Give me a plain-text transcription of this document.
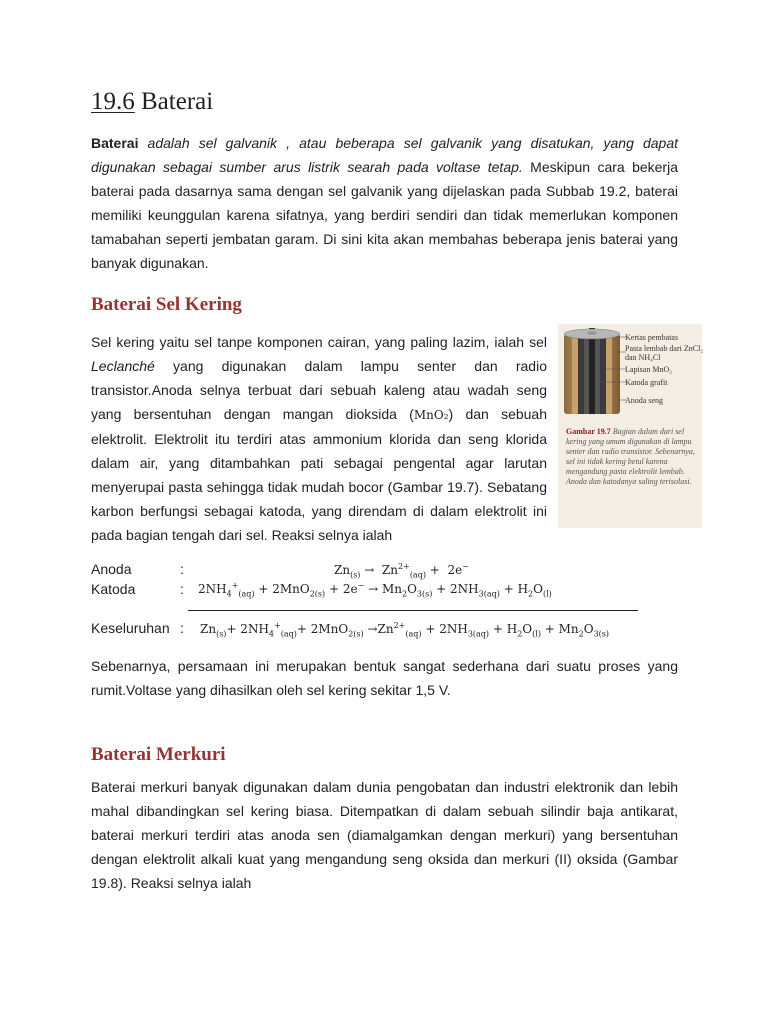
19.6 Baterai

Baterai adalah sel galvanik , atau beberapa sel galvanik yang disatukan, yang dapat digunakan sebagai sumber arus listrik searah pada voltase tetap. Meskipun cara bekerja baterai pada dasarnya sama dengan sel galvanik yang dijelaskan pada Subbab 19.2, baterai memiliki keunggulan karena sifatnya, yang berdiri sendiri dan tidak memerlukan komponen tamabahan seperti jembatan garam. Di sini kita akan membahas beberapa jenis baterai yang banyak digunakan.

Baterai Sel Kering

Sel kering yaitu sel tanpe komponen cairan, yang paling lazim, ialah sel Leclanché yang digunakan dalam lampu senter dan radio transistor.Anoda selnya terbuat dari sebuah kaleng atau wadah seng yang bersentuhan dengan mangan dioksida (MnO₂) dan sebuah elektrolit. Elektrolit itu terdiri atas ammonium klorida dan seng klorida dalam air, yang ditambahkan pati sebagai pengental agar larutan menyerupai pasta sehingga tidak mudah bocor (Gambar 19.7). Sebatang karbon berfungsi sebagai katoda, yang direndam di dalam elektrolit ini pada bagian tengah dari sel. Reaksi selnya ialah

Kertas pembatas
Pasta lembab dari ZnCl₂ dan NH₄Cl
Lapisan MnO₂
Katoda grafit
Anoda seng
Gambar 19.7 Bagian dalam dari sel kering yang umum digunakan di lampu senter dan radio transistor. Sebenarnya, sel ini tidak kering betul karena mengandung pasta elektrolit lembab. Anoda dan katodanya saling terisolasi.
Anoda	:	$Zn_{(s)} \to Zn^{2+}_{(aq)} + 2e^-$
Katoda	: $2NH_4^+_{(aq)} + 2MnO_{2(s)} + 2e^- \to Mn_2O_{3(s)} + 2NH_{3(aq)} + H_2O_{(l)}$
Keseluruhan : $Zn_{(s)}+ 2NH_4^+_{(aq)}+ 2MnO_{2(s)} \to Zn^{2+}_{(aq)} + 2NH_{3(aq)} + H_2O_{(l)} + Mn_2O_{3(s)}$

Sebenarnya, persamaan ini merupakan bentuk sangat sederhana dari suatu proses yang rumit.Voltase yang dihasilkan oleh sel kering sekitar 1,5 V.

Baterai Merkuri

Baterai merkuri banyak digunakan dalam dunia pengobatan dan industri elektronik dan lebih mahal dibandingkan sel kering biasa. Ditempatkan di dalam sebuah silindir baja antikarat, baterai merkuri terdiri atas anoda sen (diamalgamkan dengan merkuri) yang bersentuhan dengan elektrolit alkali kuat yang mengandung seng oksida dan merkuri (II) oksida (Gambar 19.8). Reaksi selnya ialah
